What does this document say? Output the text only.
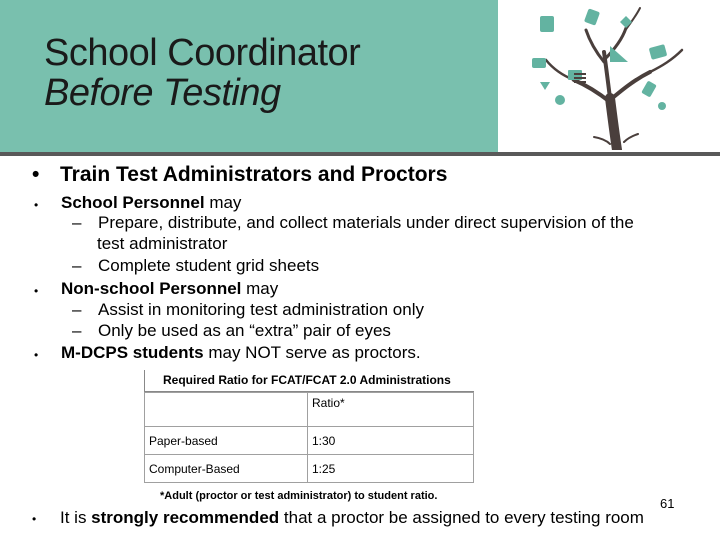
School Coordinator
Before Testing
• Train Test Administrators and Proctors
• School Personnel may
– Prepare, distribute, and collect materials under direct supervision of the
test administrator
– Complete student grid sheets
• Non-school Personnel may
– Assist in monitoring test administration only
– Only be used as an “extra” pair of eyes
• M-DCPS students may NOT serve as proctors.
Required Ratio for FCAT/FCAT 2.0 Administrations
	Ratio*
Paper-based	1:30
Computer-Based	1:25
*Adult (proctor or test administrator) to student ratio.	61
• It is strongly recommended that a proctor be assigned to every testing room
